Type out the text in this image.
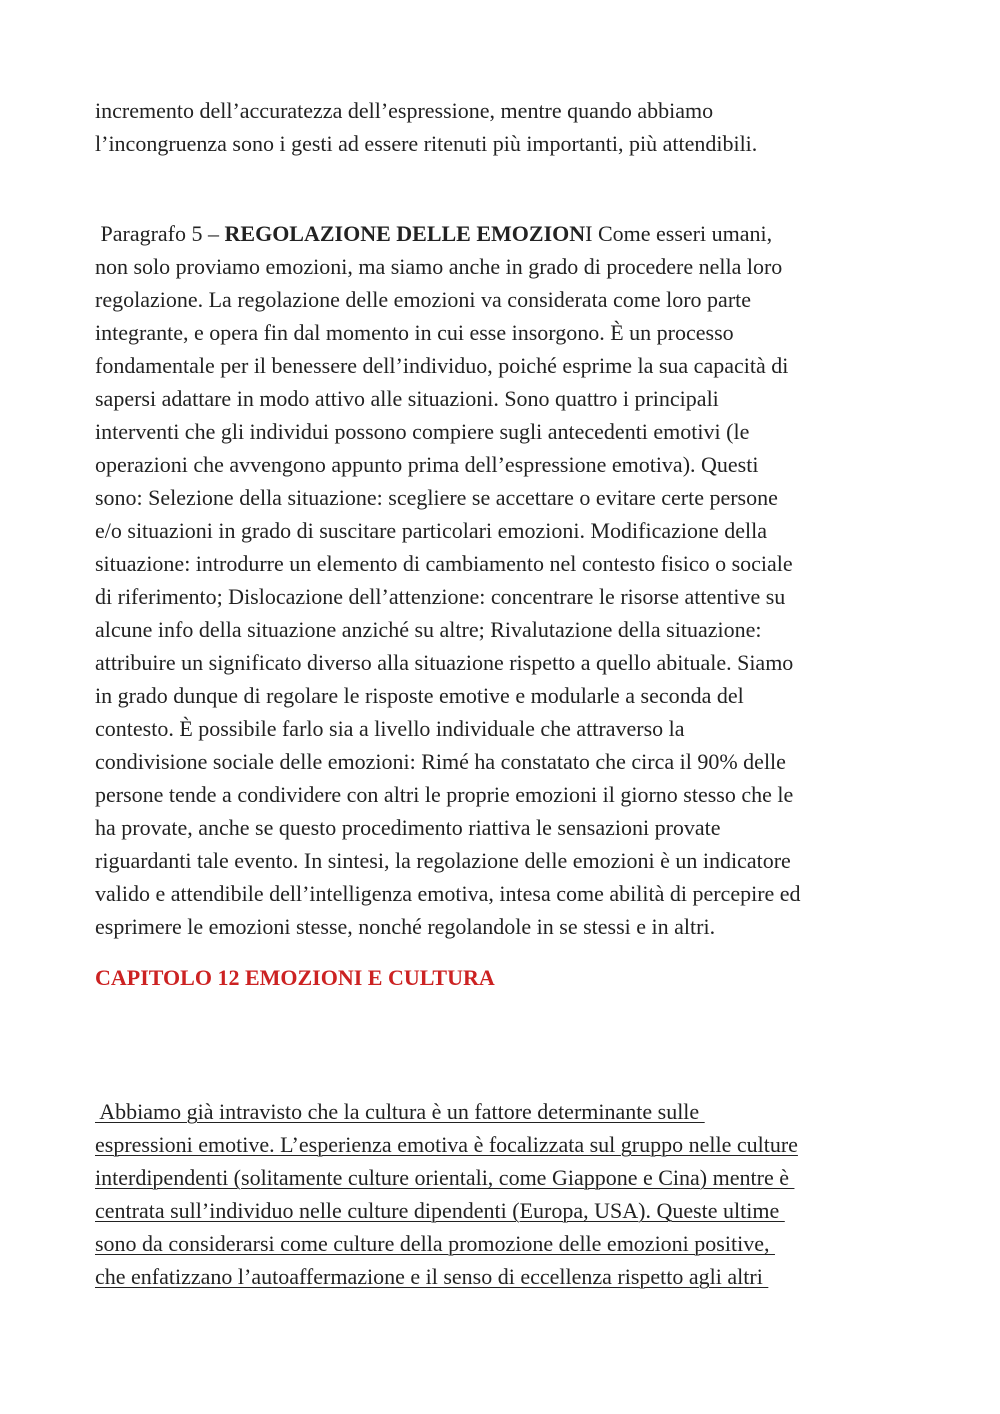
incremento dell’accuratezza dell’espressione, mentre quando abbiamo

l’incongruenza sono i gesti ad essere ritenuti più importanti, più attendibili.

Paragrafo 5 – REGOLAZIONE DELLE EMOZIONI Come esseri umani,

non solo proviamo emozioni, ma siamo anche in grado di procedere nella loro

regolazione. La regolazione delle emozioni va considerata come loro parte

integrante, e opera fin dal momento in cui esse insorgono. È un processo

fondamentale per il benessere dell’individuo, poiché esprime la sua capacità di

sapersi adattare in modo attivo alle situazioni. Sono quattro i principali

interventi che gli individui possono compiere sugli antecedenti emotivi (le

operazioni che avvengono appunto prima dell’espressione emotiva). Questi

sono: Selezione della situazione: scegliere se accettare o evitare certe persone

e/o situazioni in grado di suscitare particolari emozioni. Modificazione della

situazione: introdurre un elemento di cambiamento nel contesto fisico o sociale

di riferimento; Dislocazione dell’attenzione: concentrare le risorse attentive su

alcune info della situazione anziché su altre; Rivalutazione della situazione:

attribuire un significato diverso alla situazione rispetto a quello abituale. Siamo

in grado dunque di regolare le risposte emotive e modularle a seconda del

contesto. È possibile farlo sia a livello individuale che attraverso la

condivisione sociale delle emozioni: Rimé ha constatato che circa il 90% delle

persone tende a condividere con altri le proprie emozioni il giorno stesso che le

ha provate, anche se questo procedimento riattiva le sensazioni provate

riguardanti tale evento. In sintesi, la regolazione delle emozioni è un indicatore

valido e attendibile dell’intelligenza emotiva, intesa come abilità di percepire ed

esprimere le emozioni stesse, nonché regolandole in se stessi e in altri.

CAPITOLO 12 EMOZIONI E CULTURA

Abbiamo già intravisto che la cultura è un fattore determinante sulle

espressioni emotive. L’esperienza emotiva è focalizzata sul gruppo nelle culture

interdipendenti (solitamente culture orientali, come Giappone e Cina) mentre è

centrata sull’individuo nelle culture dipendenti (Europa, USA). Queste ultime

sono da considerarsi come culture della promozione delle emozioni positive,

che enfatizzano l’autoaffermazione e il senso di eccellenza rispetto agli altri
